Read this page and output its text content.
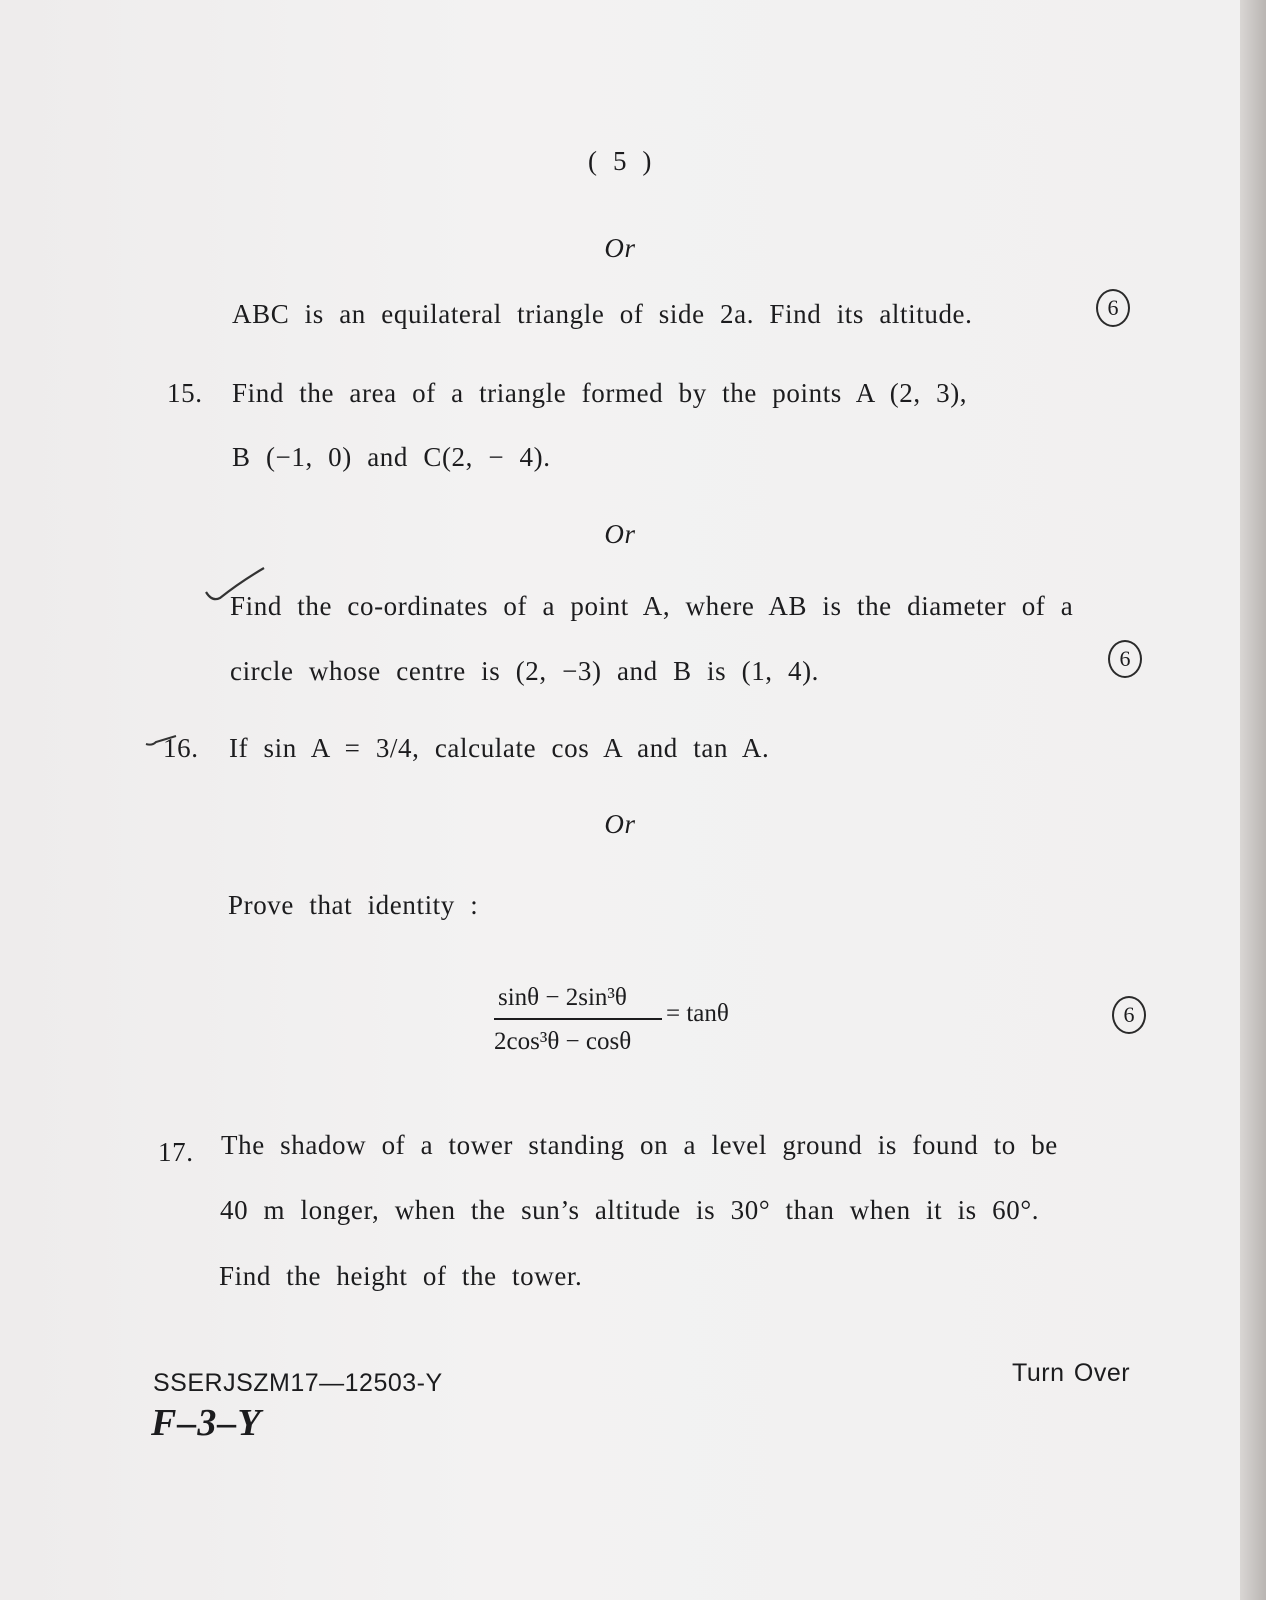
( 5 )
Or
ABC is an equilateral triangle of side 2a. Find its altitude.	6
15. Find the area of a triangle formed by the points A (2, 3),
B (−1, 0) and C(2, − 4).
Or
Find the co-ordinates of a point A, where AB is the diameter of a
circle whose centre is (2, −3) and B is (1, 4).	6
16. If sin A = 3/4, calculate cos A and tan A.
Or
Prove that identity :
sinθ − 2sin³θ
2cos³θ − cosθ
= tanθ	6
17. The shadow of a tower standing on a level ground is found to be
40 m longer, when the sun’s altitude is 30° than when it is 60°.
Find the height of the tower.
SSERJSZM17—12503-Y
F–3–Y
Turn Over
